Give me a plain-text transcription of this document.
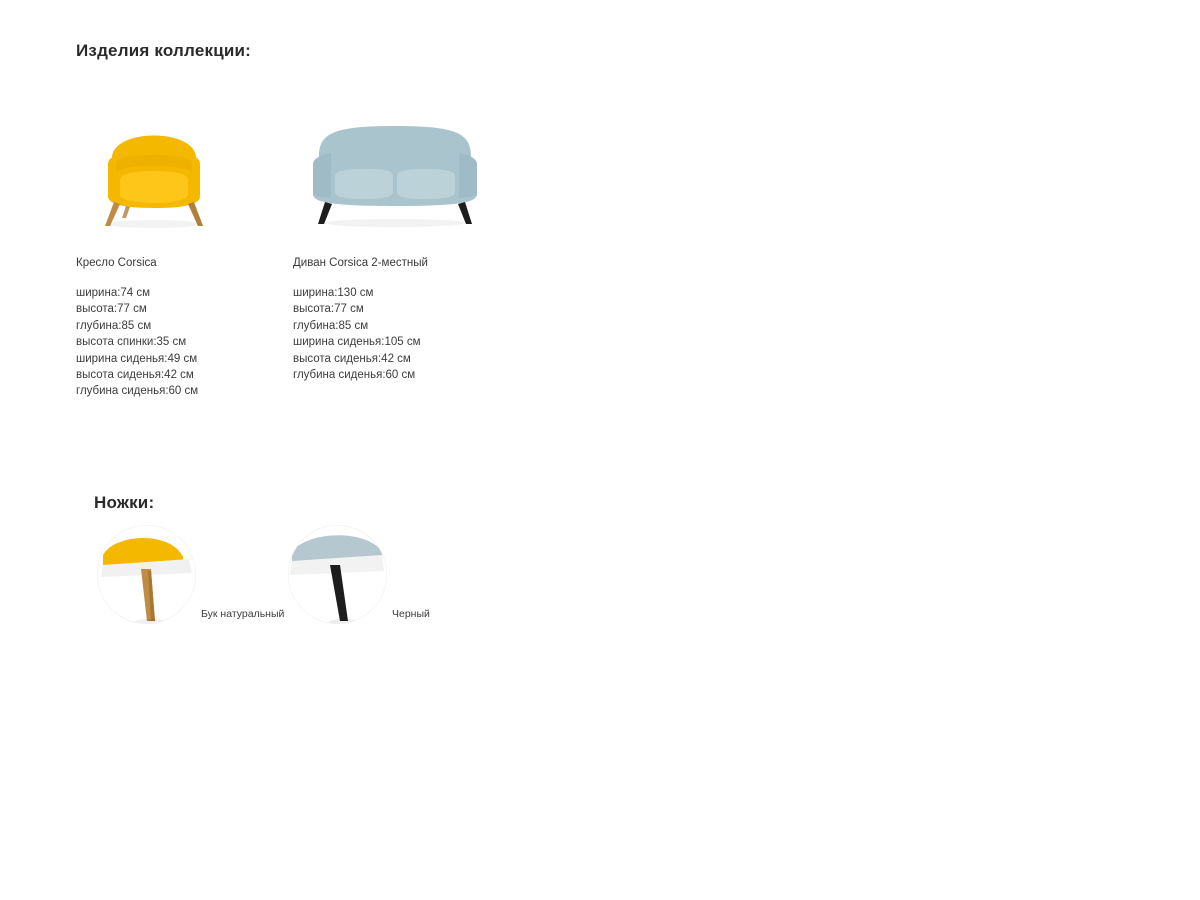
Изделия коллекции:
Кресло Corsica
ширина:74 см
высота:77 см
глубина:85 см
высота спинки:35 см
ширина сиденья:49 см
высота сиденья:42 см
глубина сиденья:60 см
Диван Corsica 2-местный
ширина:130 см
высота:77 см
глубина:85 см
ширина сиденья:105 см
высота сиденья:42 см
глубина сиденья:60 см
Ножки:
Бук натуральный	Черный
